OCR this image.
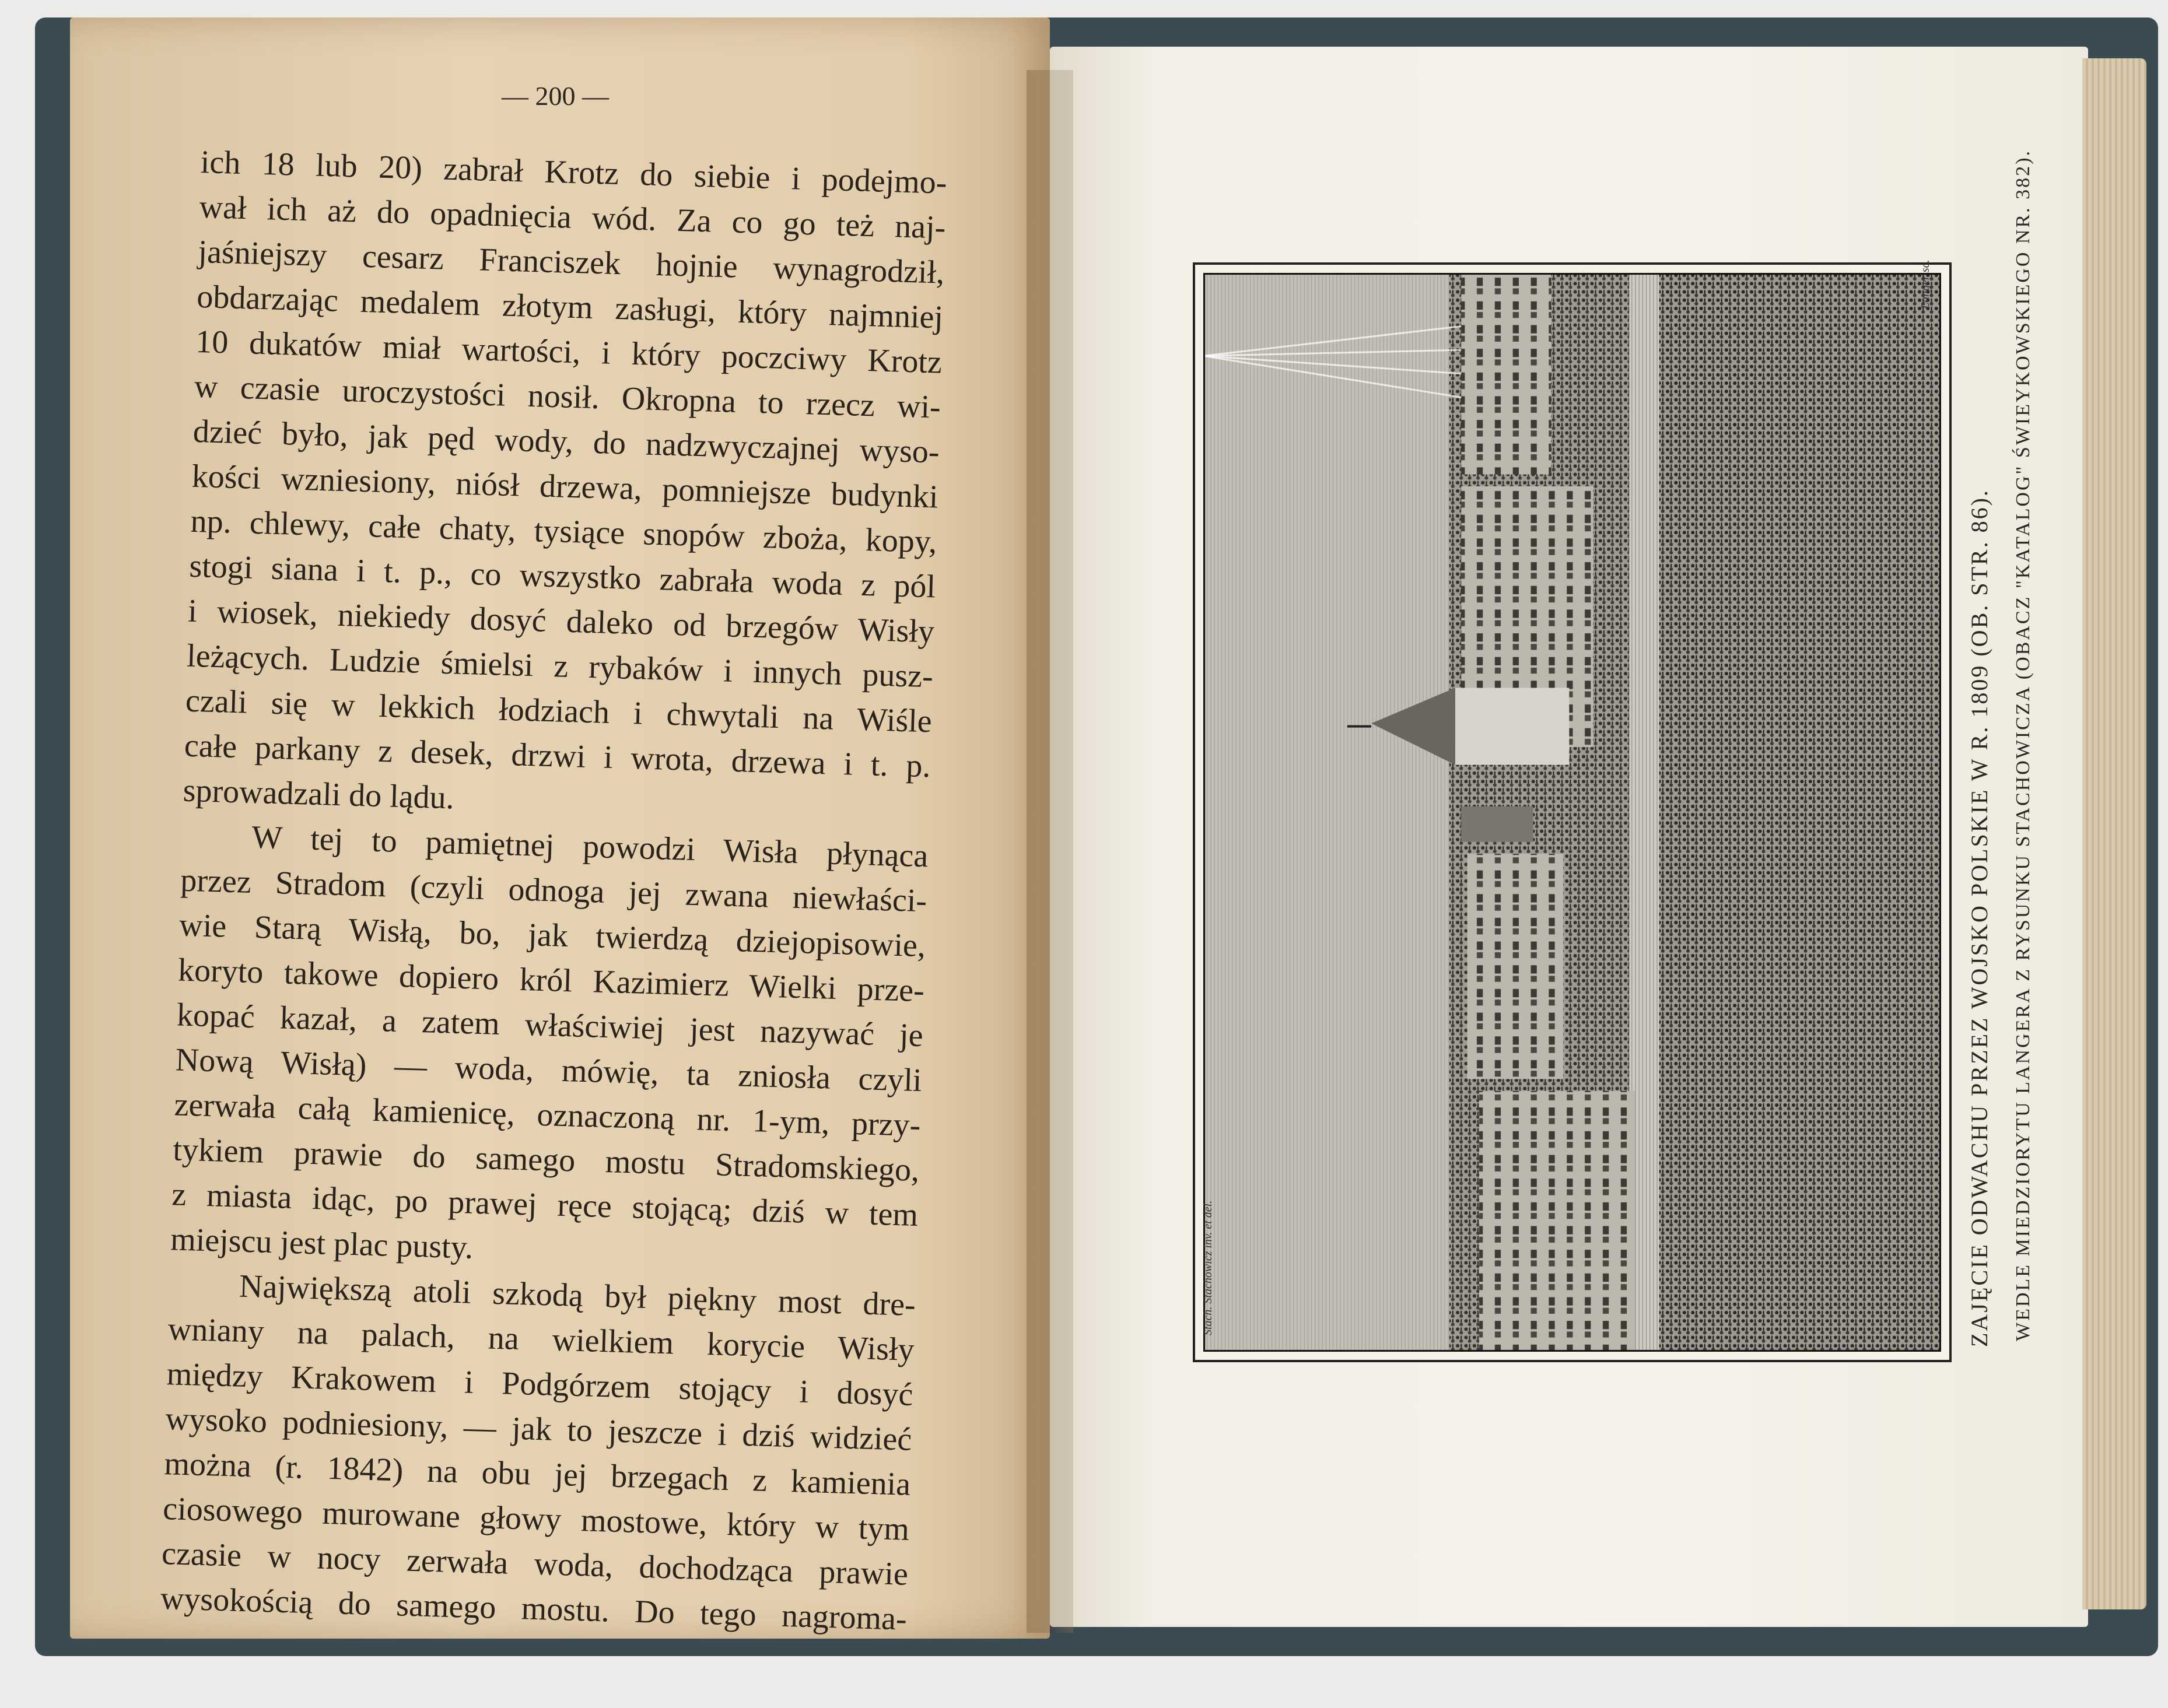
— 200 —
ich 18 lub 20) zabrał Krotz do siebie i podejmo-
wał ich aż do opadnięcia wód. Za co go też naj-
jaśniejszy cesarz Franciszek hojnie wynagrodził,
obdarzając medalem złotym zasługi, który najmniej
10 dukatów miał wartości, i który poczciwy Krotz
w czasie uroczystości nosił. Okropna to rzecz wi-
dzieć było, jak pęd wody, do nadzwyczajnej wyso-
kości wzniesiony, niósł drzewa, pomniejsze budynki
np. chlewy, całe chaty, tysiące snopów zboża, kopy,
stogi siana i t. p., co wszystko zabrała woda z pól
i wiosek, niekiedy dosyć daleko od brzegów Wisły
leżących. Ludzie śmielsi z rybaków i innych pusz-
czali się w lekkich łodziach i chwytali na Wiśle
całe parkany z desek, drzwi i wrota, drzewa i t. p.
sprowadzali do lądu.
W tej to pamiętnej powodzi Wisła płynąca
przez Stradom (czyli odnoga jej zwana niewłaści-
wie Starą Wisłą, bo, jak twierdzą dziejopisowie,
koryto takowe dopiero król Kazimierz Wielki prze-
kopać kazał, a zatem właściwiej jest nazywać je
Nową Wisłą) — woda, mówię, ta zniosła czyli
zerwała całą kamienicę, oznaczoną nr. 1-ym, przy-
tykiem prawie do samego mostu Stradomskiego,
z miasta idąc, po prawej ręce stojącą; dziś w tem
miejscu jest plac pusty.
Największą atoli szkodą był piękny most dre-
wniany na palach, na wielkiem korycie Wisły
między Krakowem i Podgórzem stojący i dosyć
wysoko podniesiony, — jak to jeszcze i dziś widzieć
można (r. 1842) na obu jej brzegach z kamienia
ciosowego murowane głowy mostowe, który w tym
czasie w nocy zerwała woda, dochodząca prawie
wysokością do samego mostu. Do tego nagroma-
Stach. Stachowicz inv. et del.
Langer sc.
ZAJĘCIE ODWACHU PRZEZ WOJSKO POLSKIE W R. 1809 (OB. STR. 86). WEDLE MIEDZIORYTU LANGERA Z RYSUNKU STACHOWICZA (OBACZ "KATALOG" ŚWIEYKOWSKIEGO NR. 382).
